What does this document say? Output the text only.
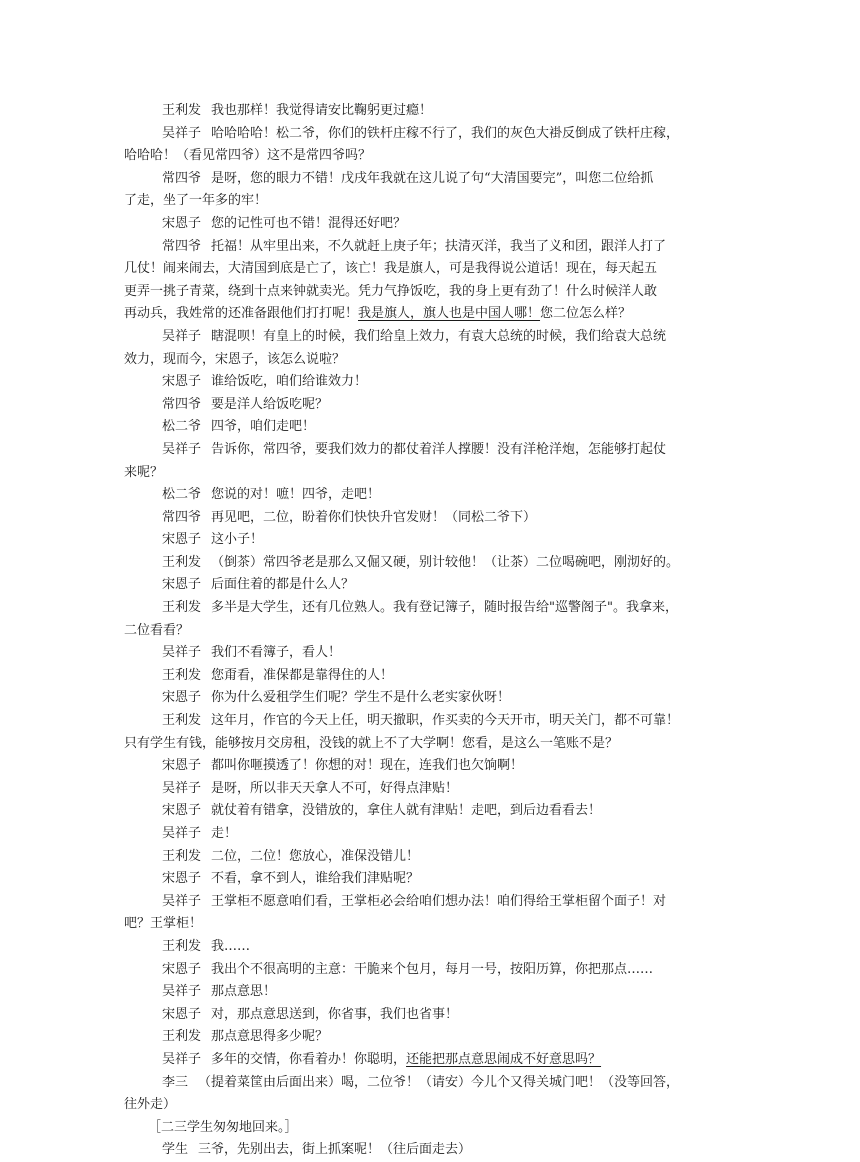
王利发 我也那样！我觉得请安比鞠躬更过瘾！
吴祥子 哈哈哈哈！松二爷，你们的铁杆庄稼不行了，我们的灰色大褂反倒成了铁杆庄稼，
哈哈哈！（看见常四爷）这不是常四爷吗？
常四爷 是呀，您的眼力不错！戊戌年我就在这儿说了句“大清国要完”，叫您二位给抓
了走，坐了一年多的牢！
宋恩子 您的记性可也不错！混得还好吧？
常四爷 托福！从牢里出来，不久就赶上庚子年；扶清灭洋，我当了义和团，跟洋人打了
几仗！闹来闹去，大清国到底是亡了，该亡！我是旗人，可是我得说公道话！现在，每天起五
更弄一挑子青菜，绕到十点来钟就卖光。凭力气挣饭吃，我的身上更有劲了！什么时候洋人敢
再动兵，我姓常的还准备跟他们打打呢！我是旗人，旗人也是中国人哪！您二位怎么样？
吴祥子 瞎混呗！有皇上的时候，我们给皇上效力，有袁大总统的时候，我们给袁大总统
效力，现而今，宋恩子，该怎么说啦？
宋恩子 谁给饭吃，咱们给谁效力！
常四爷 要是洋人给饭吃呢？
松二爷 四爷，咱们走吧！
吴祥子 告诉你，常四爷，要我们效力的都仗着洋人撑腰！没有洋枪洋炮，怎能够打起仗
来呢？
松二爷 您说的对！嗻！四爷，走吧！
常四爷 再见吧，二位，盼着你们快快升官发财！（同松二爷下）
宋恩子 这小子！
王利发 （倒茶）常四爷老是那么又倔又硬，别计较他！（让茶）二位喝碗吧，刚沏好的。
宋恩子 后面住着的都是什么人？
王利发 多半是大学生，还有几位熟人。我有登记簿子，随时报告给"巡警阁子"。我拿来，
二位看看？
吴祥子 我们不看簿子，看人！
王利发 您甭看，准保都是靠得住的人！
宋恩子 你为什么爱租学生们呢？学生不是什么老实家伙呀！
王利发 这年月，作官的今天上任，明天撤职，作买卖的今天开市，明天关门，都不可靠！
只有学生有钱，能够按月交房租，没钱的就上不了大学啊！您看，是这么一笔账不是？
宋恩子 都叫你咂摸透了！你想的对！现在，连我们也欠饷啊！
吴祥子 是呀，所以非天天拿人不可，好得点津贴！
宋恩子 就仗着有错拿，没错放的，拿住人就有津贴！走吧，到后边看看去！
吴祥子 走！
王利发 二位，二位！您放心，准保没错儿！
宋恩子 不看，拿不到人，谁给我们津贴呢？
吴祥子 王掌柜不愿意咱们看，王掌柜必会给咱们想办法！咱们得给王掌柜留个面子！对
吧？王掌柜！
王利发 我……
宋恩子 我出个不很高明的主意：干脆来个包月，每月一号，按阳历算，你把那点……
吴祥子 那点意思！
宋恩子 对，那点意思送到，你省事，我们也省事！
王利发 那点意思得多少呢？
吴祥子 多年的交情，你看着办！你聪明，还能把那点意思闹成不好意思吗？
李三 （提着菜筐由后面出来）喝，二位爷！（请安）今儿个又得关城门吧！（没等回答，
往外走）
［二三学生匆匆地回来。］
学生 三爷，先别出去，街上抓案呢！（往后面走去）
